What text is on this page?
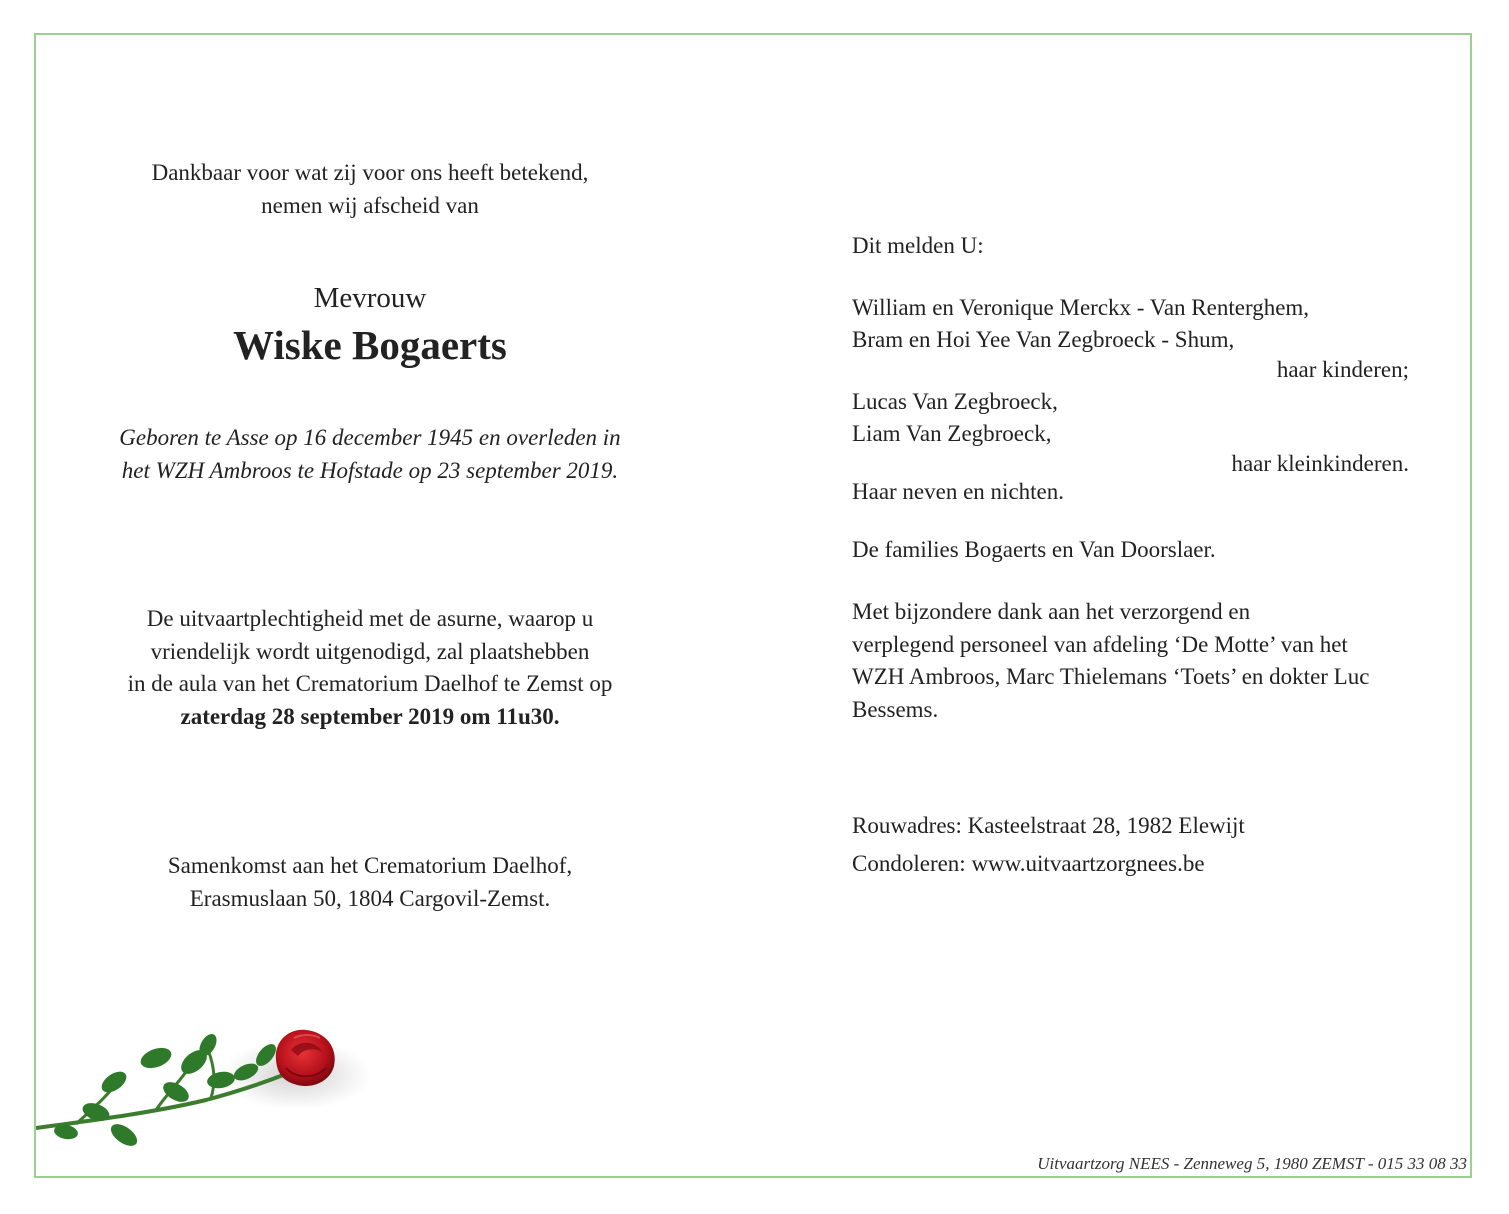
Dankbaar voor wat zij voor ons heeft betekend,

nemen wij afscheid van

Mevrouw

Wiske Bogaerts

Geboren te Asse op 16 december 1945 en overleden in

het WZH Ambroos te Hofstade op 23 september 2019.

De uitvaartplechtigheid met de asurne, waarop u

vriendelijk wordt uitgenodigd, zal plaatshebben

in de aula van het Crematorium Daelhof te Zemst op

zaterdag 28 september 2019 om 11u30.

Samenkomst aan het Crematorium Daelhof,

Erasmuslaan 50, 1804 Cargovil-Zemst.

Dit melden U:

William en Veronique Merckx - Van Renterghem,

Bram en Hoi Yee Van Zegbroeck - Shum,

haar kinderen;

Lucas Van Zegbroeck,

Liam Van Zegbroeck,

haar kleinkinderen.

Haar neven en nichten.

De families Bogaerts en Van Doorslaer.

Met bijzondere dank aan het verzorgend en

verplegend personeel van afdeling ‘De Motte’ van het

WZH Ambroos, Marc Thielemans ‘Toets’ en dokter Luc

Bessems.

Rouwadres: Kasteelstraat 28, 1982 Elewijt

Condoleren: www.uitvaartzorgnees.be

Uitvaartzorg NEES - Zenneweg 5, 1980 ZEMST - 015 33 08 33
